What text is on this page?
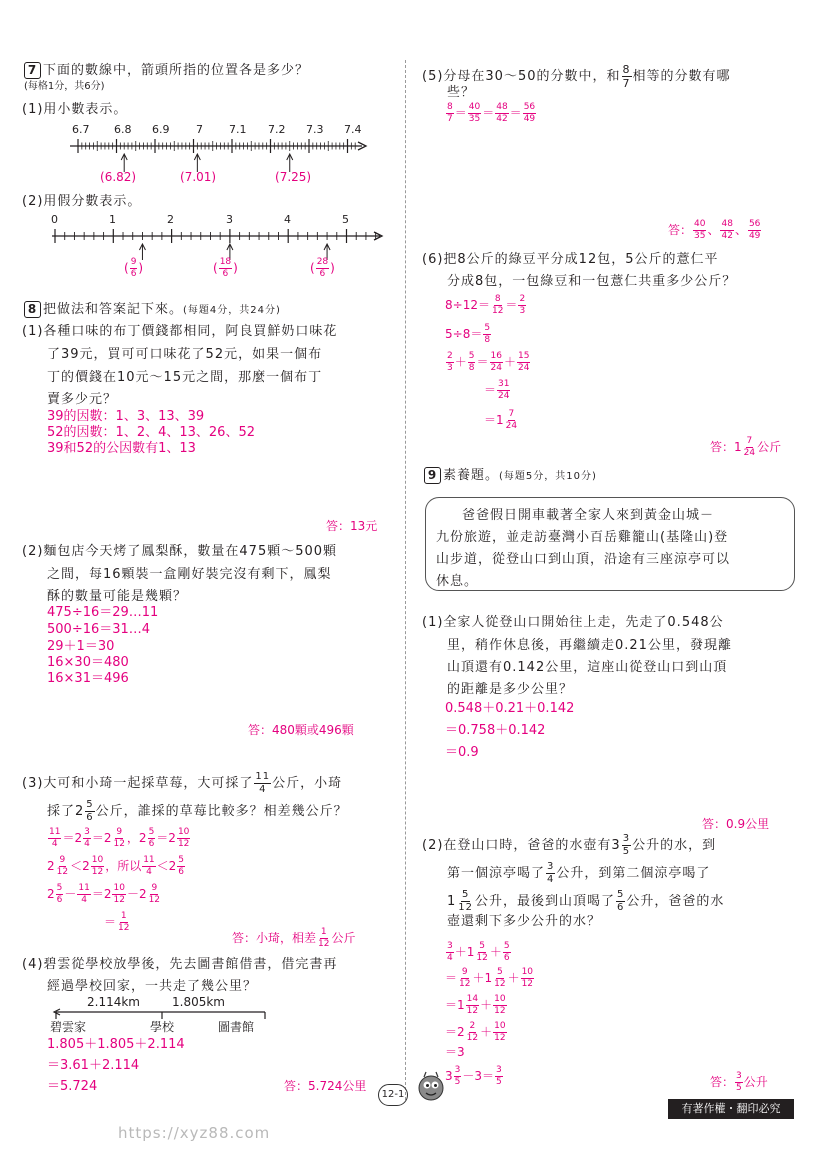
7 下面的數線中，箭頭所指的位置各是多少？
(每格1分，共6分)
(1)用小數表示。
6.7 6.8 6.9 7 7.1 7.2 7.3 7.4
(6.82)	(7.01)	(7.25)
(2)用假分數表示。
0	1	2	3	4	5
( $\frac{9}{6}$ )	( $\frac{18}{6}$ )	( $\frac{28}{6}$ )
8 把做法和答案記下來。(每題4分，共24分)
(1)各種口味的布丁價錢都相同，阿良買鮮奶口味花
了39元，買可可口味花了52元，如果一個布
丁的價錢在10元～15元之間，那麼一個布丁
賣多少元？
39的因數：1、3、13、39
52的因數：1、2、4、13、26、52
39和52的公因數有1、13
答：13元
(2)麵包店今天烤了鳳梨酥，數量在475顆～500顆
之間，每16顆裝一盒剛好裝完沒有剩下，鳳梨
酥的數量可能是幾顆？
475÷16＝29…11
500÷16＝31…4
29＋1＝30
16×30＝480
16×31＝496
答：480顆或496顆
(3)大可和小琦一起採草莓，大可採了 $\frac{11}{4}$ 公斤，小琦
採了$2 \frac{5}{6}$ 公斤，誰採的草莓比較多？相差幾公斤？
$\frac{11}{4} =2 \frac{3}{4} =2 \frac{9}{12}$ ，$2 \frac{5}{6} =2 \frac{10}{12}$
$2 \frac{9}{12} <2 \frac{10}{12}$ ，所以 $\frac{11}{4} <2 \frac{5}{6}$
$2 \frac{5}{6} - \frac{11}{4} =2 \frac{10}{12} -2 \frac{9}{12}$
＝ $\frac{1}{12}$
答：小琦，相差 $\frac{1}{12}$ 公斤
(4)碧雲從學校放學後，先去圖書館借書，借完書再
經過學校回家，一共走了幾公里？
2.114km	1.805km
碧雲家	學校	圖書館
1.805＋1.805＋2.114
＝3.61＋2.114
＝5.724	答：5.724公里
(5)分母在30～50的分數中，和 $\frac{8}{7}$ 相等的分數有哪
些？
$\frac{8}{7} = \frac{40}{35} = \frac{48}{42} = \frac{56}{49}$
答： $\frac{40}{35}$ 、 $\frac{48}{42}$ 、 $\frac{56}{49}$
(6)把8公斤的綠豆平分成12包，5公斤的薏仁平
分成8包，一包綠豆和一包薏仁共重多少公斤？
$8\div 12= \frac{8}{12} = \frac{2}{3}$
$5\div 8= \frac{5}{8}$
$\frac{2}{3} + \frac{5}{8} = \frac{16}{24} + \frac{15}{24}$
＝ $\frac{31}{24}$
$=1 \frac{7}{24}$
答：$1 \frac{7}{24}$ 公斤
9 素養題。(每題5分，共10分)
爸爸假日開車載著全家人來到黃金山城－
九份旅遊，並走訪臺灣小百岳雞籠山(基隆山)登
山步道，從登山口到山頂，沿途有三座涼亭可以
休息。
(1)全家人從登山口開始往上走，先走了0.548公
里，稍作休息後，再繼續走0.21公里，發現離
山頂還有0.142公里，這座山從登山口到山頂
的距離是多少公里？
0.548＋0.21＋0.142
＝0.758＋0.142
＝0.9
答：0.9公里
(2)在登山口時，爸爸的水壺有$3 \frac{3}{5}$ 公升的水，到
第一個涼亭喝了 $\frac{3}{4}$ 公升，到第二個涼亭喝了
$1 \frac{5}{12}$ 公升，最後到山頂喝了 $\frac{5}{6}$ 公升，爸爸的水
壺還剩下多少公升的水？
$\frac{3}{4} +1 \frac{5}{12} + \frac{5}{6}$
＝ $\frac{9}{12} +1 \frac{5}{12} + \frac{10}{12}$
$=1 \frac{14}{12} + \frac{10}{12}$
$=2 \frac{2}{12} + \frac{10}{12}$
＝3
$3 \frac{3}{5} -3= \frac{3}{5}$	答： $\frac{3}{5}$ 公升
12-1
有著作權・翻印必究
https://xyz88.com
